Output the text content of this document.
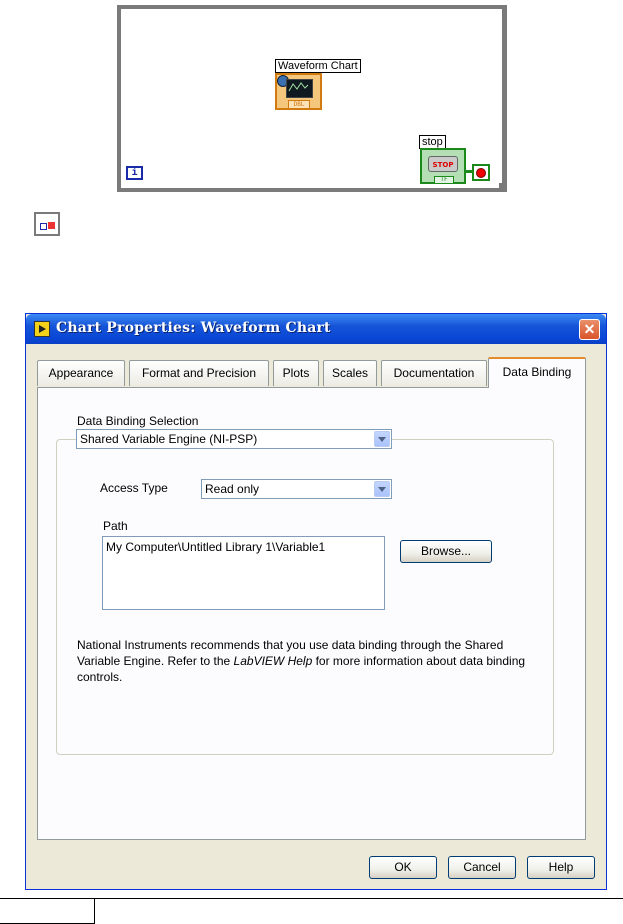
Waveform Chart
DBL
stop
STOP
TF
i
Chart Properties: Waveform Chart	✕
Appearance	Format and Precision	Plots	Scales	Documentation	Data Binding
Data Binding Selection
Shared Variable Engine (NI-PSP)
Access Type	Read only
Path
My Computer\Untitled Library 1\Variable1	Browse...
National Instruments recommends that you use data binding through the Shared Variable Engine. Refer to the LabVIEW Help for more information about data binding controls.
OK	Cancel	Help
